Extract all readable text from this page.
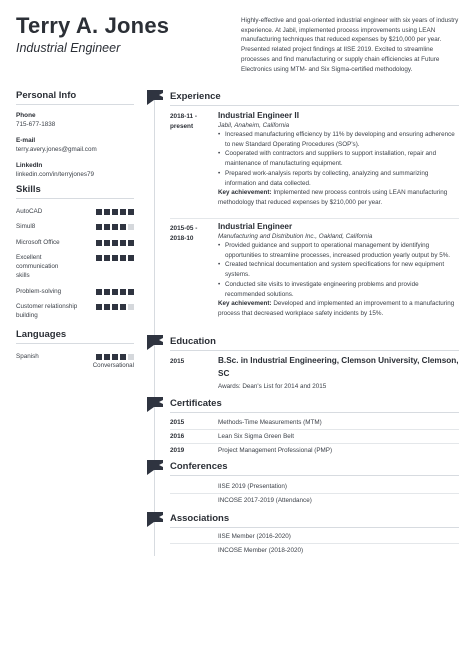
Terry A. Jones
Industrial Engineer
Highly-effective and goal-oriented industrial engineer with six years of industry experience. At Jabil, implemented process improvements using LEAN manufacturing techniques that reduced expenses by $210,000 per year. Presented related project findings at IISE 2019. Excited to streamline processes and find manufacturing or supply chain efficiencies at Future Electronics using MTM- and Six Sigma-certified methodology.
Personal Info
Phone
715-677-1838
E-mail
terry.avery.jones@gmail.com
LinkedIn
linkedin.com/in/terryjones79
Skills
AutoCAD
Simul8
Microsoft Office
Excellent communication skills
Problem-solving
Customer relationship building
Languages
Spanish
Conversational
Experience
2018-11 - present
Industrial Engineer II
Jabil, Anaheim, California
• Increased manufacturing efficiency by 11% by developing and ensuring adherence to new Standard Operating Procedures (SOP's).
• Cooperated with contractors and suppliers to support installation, repair and maintenance of manufacturing equipment.
• Prepared work-analysis reports by collecting, analyzing and summarizing information and data collected.
Key achievement: Implemented new process controls using LEAN manufacturing methodology that reduced expenses by $210,000 per year.
2015-05 - 2018-10
Industrial Engineer
Manufacturing and Distribution Inc., Oakland, California
• Provided guidance and support to operational management by identifying opportunities to streamline processes, increased production yearly output by 5%.
• Created technical documentation and system specifications for new equipment systems.
• Conducted site visits to investigate engineering problems and provide recommended solutions.
Key achievement: Developed and implemented an improvement to a manufacturing process that decreased workplace safety incidents by 15%.
Education
2015	B.Sc. in Industrial Engineering, Clemson University, Clemson, SC
Awards: Dean's List for 2014 and 2015
Certificates
2015	Methods-Time Measurements (MTM)
2016	Lean Six Sigma Green Belt
2019	Project Management Professional (PMP)
Conferences
IISE 2019 (Presentation)
INCOSE 2017-2019 (Attendance)
Associations
IISE Member (2016-2020)
INCOSE Member (2018-2020)
